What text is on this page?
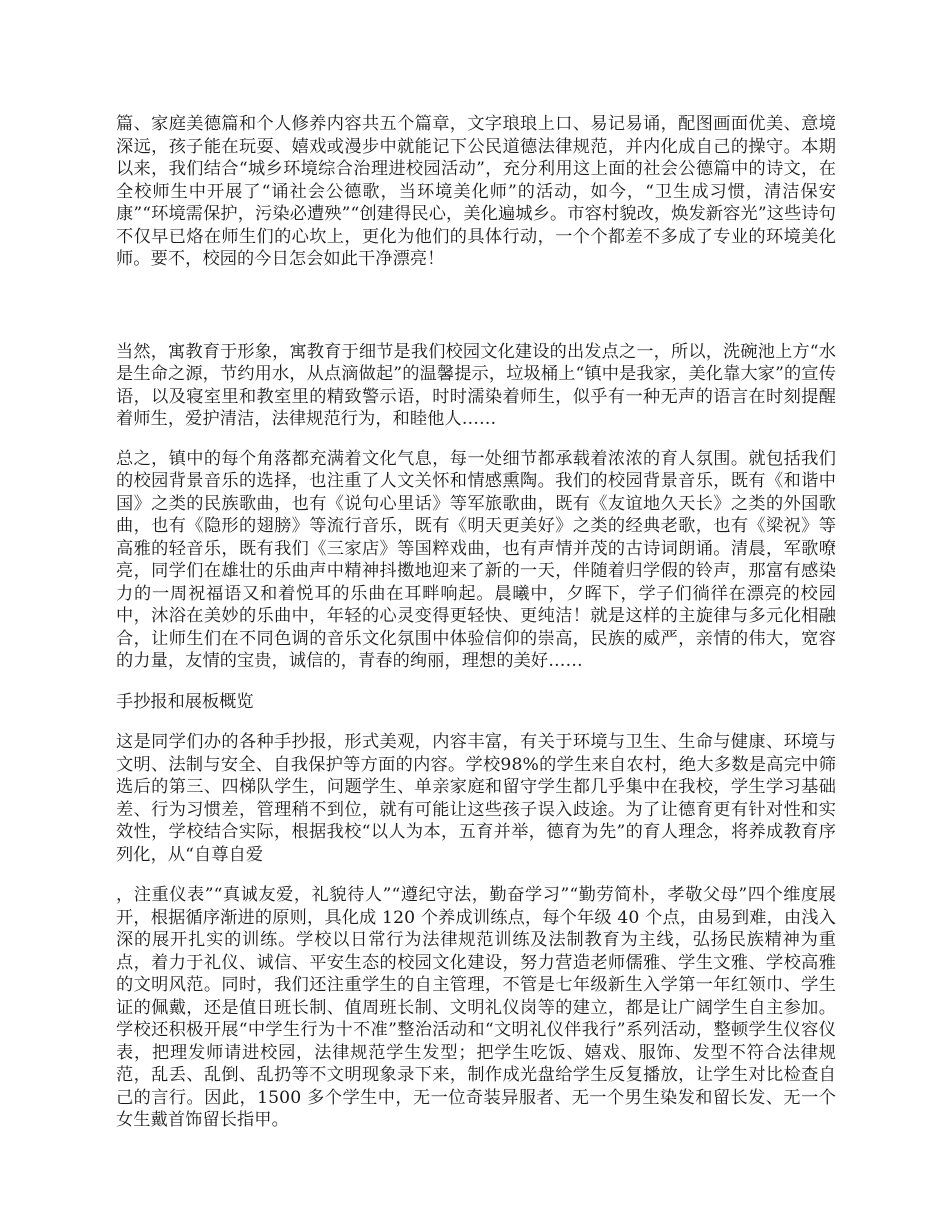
篇、家庭美德篇和个人修养内容共五个篇章，文字琅琅上口、易记易诵，配图画面优美、意境深远，孩子能在玩耍、嬉戏或漫步中就能记下公民道德法律规范，并内化成自己的操守。本期以来，我们结合“城乡环境综合治理进校园活动”，充分利用这上面的社会公德篇中的诗文，在全校师生中开展了“诵社会公德歌，当环境美化师”的活动，如今，“卫生成习惯，清洁保安康”“环境需保护，污染必遭殃”“创建得民心，美化遍城乡。市容村貌改，焕发新容光”这些诗句不仅早已烙在师生们的心坎上，更化为他们的具体行动，一个个都差不多成了专业的环境美化师。要不，校园的今日怎会如此干净漂亮！

当然，寓教育于形象，寓教育于细节是我们校园文化建设的出发点之一，所以，洗碗池上方“水是生命之源，节约用水，从点滴做起”的温馨提示，垃圾桶上“镇中是我家，美化靠大家”的宣传语，以及寝室里和教室里的精致警示语，时时濡染着师生，似乎有一种无声的语言在时刻提醒着师生，爱护清洁，法律规范行为，和睦他人……

总之，镇中的每个角落都充满着文化气息，每一处细节都承载着浓浓的育人氛围。就包括我们的校园背景音乐的选择，也注重了人文关怀和情感熏陶。我们的校园背景音乐，既有《和谐中国》之类的民族歌曲，也有《说句心里话》等军旅歌曲，既有《友谊地久天长》之类的外国歌曲，也有《隐形的翅膀》等流行音乐，既有《明天更美好》之类的经典老歌，也有《梁祝》等高雅的轻音乐，既有我们《三家店》等国粹戏曲，也有声情并茂的古诗词朗诵。清晨，军歌嘹亮，同学们在雄壮的乐曲声中精神抖擞地迎来了新的一天，伴随着归学假的铃声，那富有感染力的一周祝福语又和着悦耳的乐曲在耳畔响起。晨曦中，夕晖下，学子们徜徉在漂亮的校园中，沐浴在美妙的乐曲中，年轻的心灵变得更轻快、更纯洁！就是这样的主旋律与多元化相融合，让师生们在不同色调的音乐文化氛围中体验信仰的崇高，民族的威严，亲情的伟大，宽容的力量，友情的宝贵，诚信的，青春的绚丽，理想的美好……

手抄报和展板概览

这是同学们办的各种手抄报，形式美观，内容丰富，有关于环境与卫生、生命与健康、环境与文明、法制与安全、自我保护等方面的内容。学校98%的学生来自农村，绝大多数是高完中筛选后的第三、四梯队学生，问题学生、单亲家庭和留守学生都几乎集中在我校，学生学习基础差、行为习惯差，管理稍不到位，就有可能让这些孩子误入歧途。为了让德育更有针对性和实效性，学校结合实际，根据我校“以人为本，五育并举，德育为先”的育人理念，将养成教育序列化，从“自尊自爱

，注重仪表”“真诚友爱，礼貌待人”“遵纪守法，勤奋学习”“勤劳简朴，孝敬父母”四个维度展开，根据循序渐进的原则，具化成 120 个养成训练点，每个年级 40 个点，由易到难，由浅入深的展开扎实的训练。学校以日常行为法律规范训练及法制教育为主线，弘扬民族精神为重点，着力于礼仪、诚信、平安生态的校园文化建设，努力营造老师儒雅、学生文雅、学校高雅的文明风范。同时，我们还注重学生的自主管理，不管是七年级新生入学第一年红领巾、学生证的佩戴，还是值日班长制、值周班长制、文明礼仪岗等的建立，都是让广阔学生自主参加。学校还积极开展“中学生行为十不准”整治活动和“文明礼仪伴我行”系列活动，整顿学生仪容仪表，把理发师请进校园，法律规范学生发型；把学生吃饭、嬉戏、服饰、发型不符合法律规范，乱丢、乱倒、乱扔等不文明现象录下来，制作成光盘给学生反复播放，让学生对比检查自己的言行。因此，1500 多个学生中，无一位奇装异服者、无一个男生染发和留长发、无一个女生戴首饰留长指甲。
